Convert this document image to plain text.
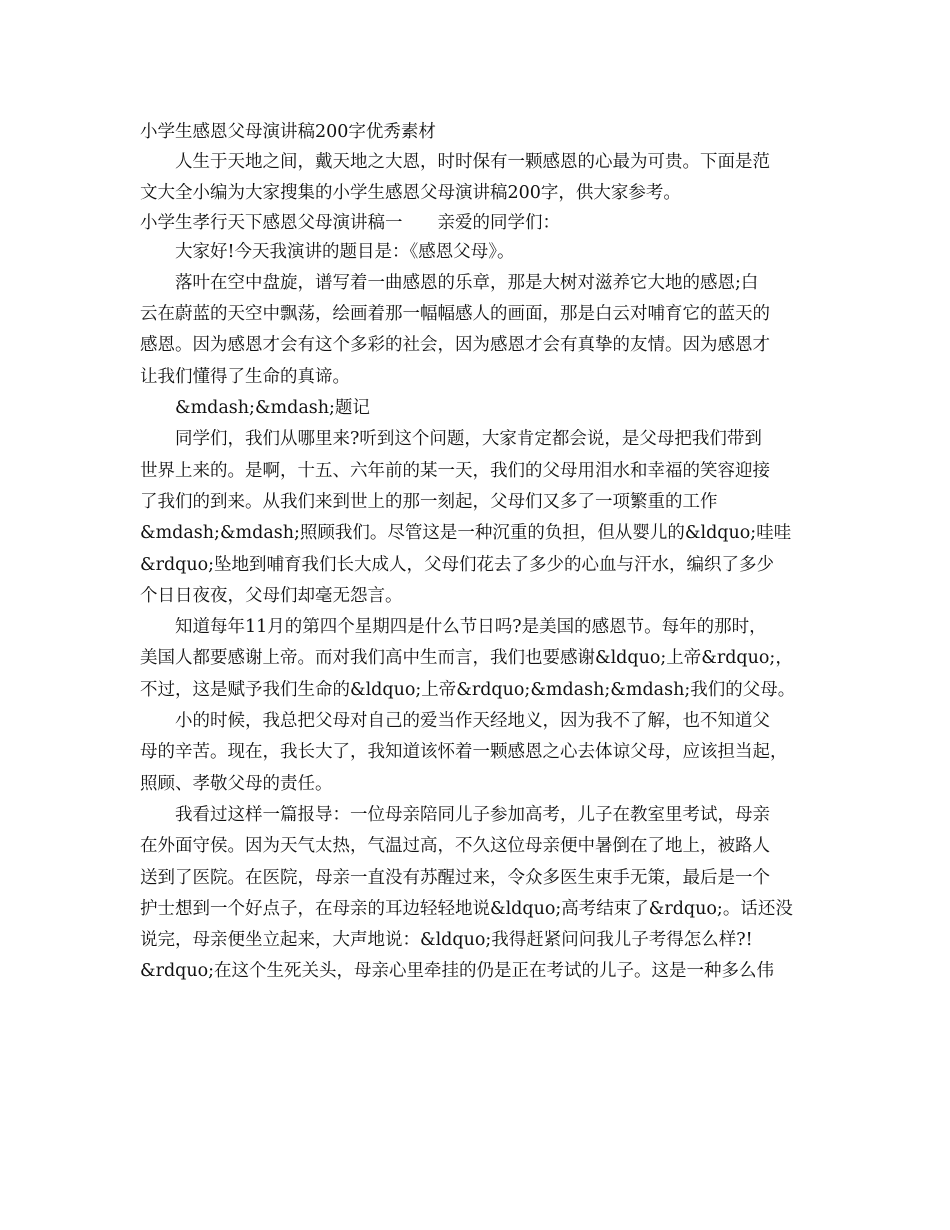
小学生感恩父母演讲稿200字优秀素材
人生于天地之间，戴天地之大恩，时时保有一颗感恩的心最为可贵。下面是范
文大全小编为大家搜集的小学生感恩父母演讲稿200字，供大家参考。
小学生孝行天下感恩父母演讲稿一　　亲爱的同学们：
大家好!今天我演讲的题目是：《感恩父母》。
落叶在空中盘旋，谱写着一曲感恩的乐章，那是大树对滋养它大地的感恩;白
云在蔚蓝的天空中飘荡，绘画着那一幅幅感人的画面，那是白云对哺育它的蓝天的
感恩。因为感恩才会有这个多彩的社会，因为感恩才会有真挚的友情。因为感恩才
让我们懂得了生命的真谛。
&mdash;&mdash;题记
同学们，我们从哪里来?听到这个问题，大家肯定都会说，是父母把我们带到
世界上来的。是啊，十五、六年前的某一天，我们的父母用泪水和幸福的笑容迎接
了我们的到来。从我们来到世上的那一刻起，父母们又多了一项繁重的工作
&mdash;&mdash;照顾我们。尽管这是一种沉重的负担，但从婴儿的&ldquo;哇哇
&rdquo;坠地到哺育我们长大成人，父母们花去了多少的心血与汗水，编织了多少
个日日夜夜，父母们却毫无怨言。
知道每年11月的第四个星期四是什么节日吗?是美国的感恩节。每年的那时，
美国人都要感谢上帝。而对我们高中生而言，我们也要感谢&ldquo;上帝&rdquo;，
不过，这是赋予我们生命的&ldquo;上帝&rdquo;&mdash;&mdash;我们的父母。
小的时候，我总把父母对自己的爱当作天经地义，因为我不了解，也不知道父
母的辛苦。现在，我长大了，我知道该怀着一颗感恩之心去体谅父母，应该担当起，
照顾、孝敬父母的责任。
我看过这样一篇报导：一位母亲陪同儿子参加高考，儿子在教室里考试，母亲
在外面守侯。因为天气太热，气温过高，不久这位母亲便中暑倒在了地上，被路人
送到了医院。在医院，母亲一直没有苏醒过来，令众多医生束手无策，最后是一个
护士想到一个好点子，在母亲的耳边轻轻地说&ldquo;高考结束了&rdquo;。话还没
说完，母亲便坐立起来，大声地说：&ldquo;我得赶紧问问我儿子考得怎么样?!
&rdquo;在这个生死关头，母亲心里牵挂的仍是正在考试的儿子。这是一种多么伟
